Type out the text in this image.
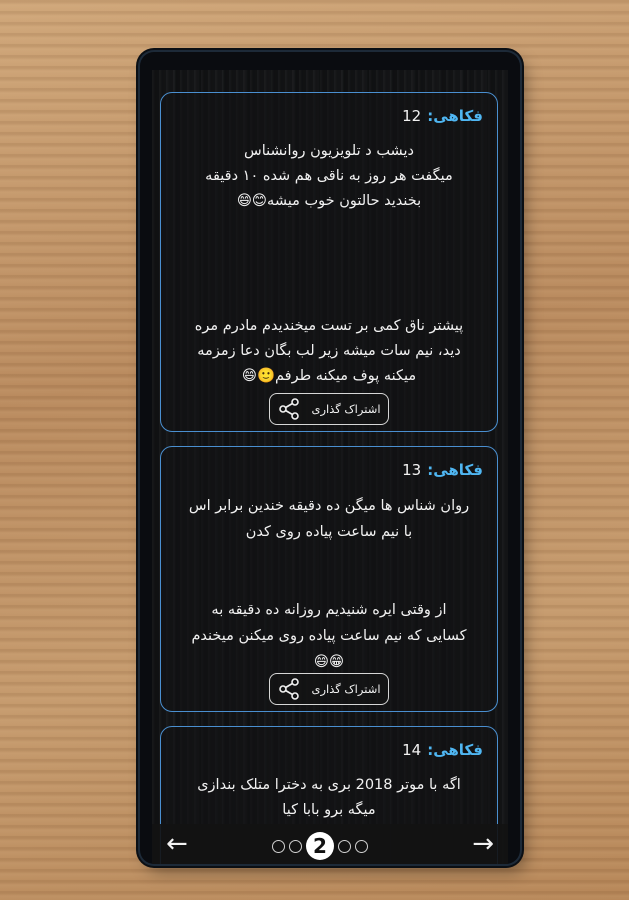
فکاهی:
12
دیشب د تلویزیون روانشناس
میگفت هر روز به ناقی هم شده ۱۰ دقیقه
بخندید حالتون خوب میشه😊😄

پیشتر ناق کمی بر تست میخندیدم مادرم مره
دید، نیم سات میشه زیر لب بگان دعا زمزمه
میکنه پوف میکنه طرفم🙂😄
اشتراک گذاری
فکاهی:
13
روان شناس ها میگن ده دقیقه خندین برابر اس
با نیم ساعت پیاده روی کدن

از وقتی ایره شنیدیم روزانه ده دقیقه به
کسایی که نیم ساعت پیاده روی میکنن میخندم
😁😄
اشتراک گذاری
فکاهی:
14
اگه با موتر 2018 بری به دخترا متلک بندازی
میگه برو بابا کیا
←	2	→
